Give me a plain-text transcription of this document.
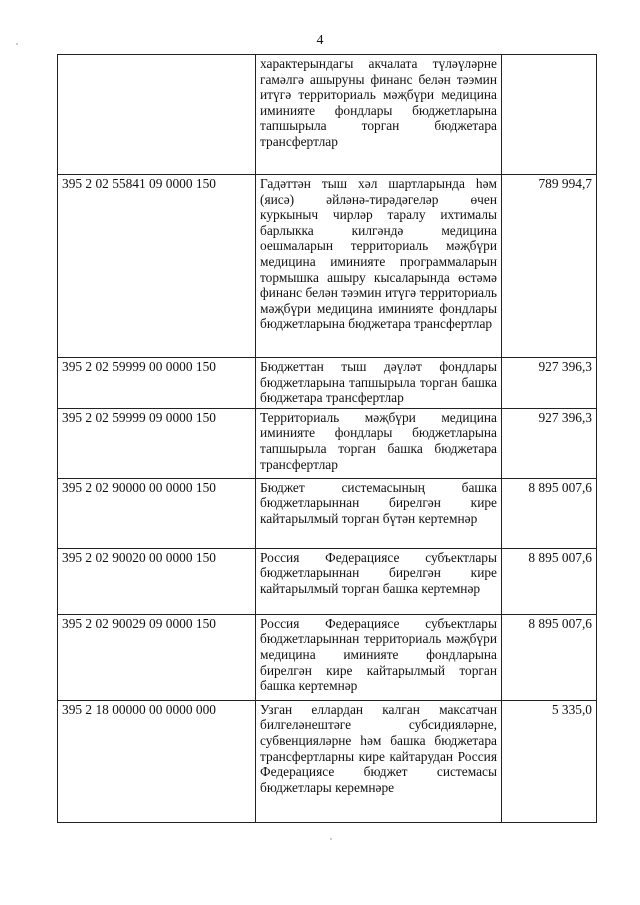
4
	характерындагы акчалата түләүләрне гамәлгә ашыруны финанс белән тәэмин итүгә территориаль мәҗбүри медицина иминияте фондлары бюджетларына тапшырыла торган бюджетара трансфертлар	
395 2 02 55841 09 0000 150	Гадәттән тыш хәл шартларында һәм (яисә) әйләнә-тирәдәгеләр өчен куркыныч чирләр таралу ихтималы барлыкка килгәндә медицина оешмаларын территориаль мәҗбүри медицина иминияте программаларын тормышка ашыру кысаларында өстәмә финанс белән тәэмин итүгә территориаль мәҗбүри медицина иминияте фондлары бюджетларына бюджетара трансфертлар	789 994,7
395 2 02 59999 00 0000 150	Бюджеттан тыш дәүләт фондлары бюджетларына тапшырыла торган башка бюджетара трансфертлар	927 396,3
395 2 02 59999 09 0000 150	Территориаль мәҗбүри медицина иминияте фондлары бюджетларына тапшырыла торган башка бюджетара трансфертлар	927 396,3
395 2 02 90000 00 0000 150	Бюджет системасының башка бюджетларыннан бирелгән кире кайтарылмый торган бүтән кертемнәр	8 895 007,6
395 2 02 90020 00 0000 150	Россия Федерациясе субъектлары бюджетларыннан бирелгән кире кайтарылмый торган башка кертемнәр	8 895 007,6
395 2 02 90029 09 0000 150	Россия Федерациясе субъектлары бюджетларыннан территориаль мәҗбүри медицина иминияте фондларына бирелгән кире кайтарылмый торган башка кертемнәр	8 895 007,6
395 2 18 00000 00 0000 000	Узган еллардан калган максатчан билгеләнештәге субсидияләрне, субвенцияләрне һәм башка бюджетара трансфертларны кире кайтарудан Россия Федерациясе бюджет системасы бюджетлары керемнәре	5 335,0
